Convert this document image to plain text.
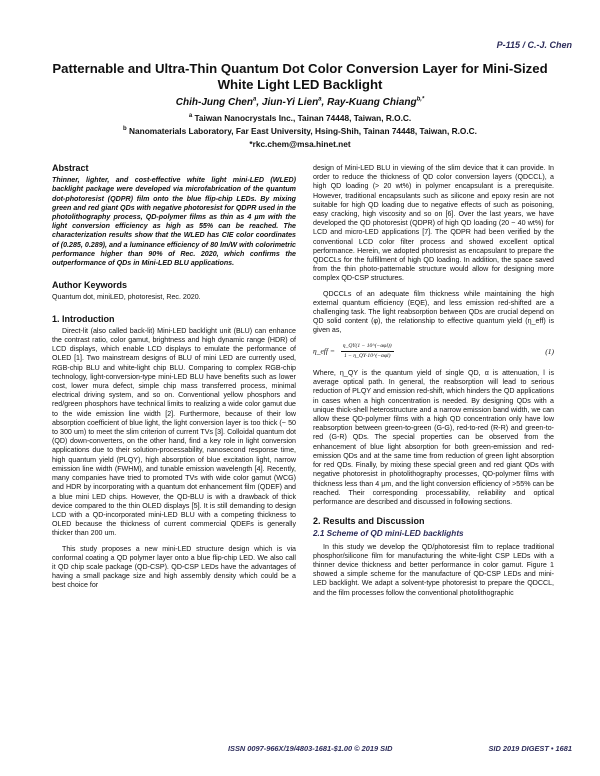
P-115 / C.-J. Chen
Patternable and Ultra-Thin Quantum Dot Color Conversion Layer for Mini-Sized White Light LED Backlight
Chih-Jung Chen$^a$, Jiun-Yi Lien$^a$, Ray-Kuang Chiang$^{b,*}$
$^a$ Taiwan Nanocrystals Inc., Tainan 74448, Taiwan, R.O.C.
$^b$ Nanomaterials Laboratory, Far East University, Hsing-Shih, Tainan 74448, Taiwan, R.O.C.
*rkc.chem@msa.hinet.net
Abstract
Thinner, lighter, and cost-effective white light mini-LED (WLED) backlight package were developed via microfabrication of the quantum dot-photoresist (QDPR) film onto the blue flip-chip LEDs. By mixing green and red giant QDs with negative photoresist for QDPR used in the photolithography process, QD-polymer films as thin as 4 µm with the light conversion efficiency as high as 55% can be reached. The characterization results show that the WLED has CIE color coordinates of (0.285, 0.289), and a luminance efficiency of 80 lm/W with colorimetric performance higher than 90% of Rec. 2020, which confirms the outperformance of QDs in Mini-LED BLU applications.
Author Keywords
Quantum dot, miniLED, photoresist, Rec. 2020.
1. Introduction
Direct-lit (also called back-lit) Mini-LED backlight unit (BLU) can enhance the contrast ratio, color gamut, brightness and high dynamic range (HDR) of LCD displays, which enable LCD displays to emulate the performance of OLED [1]. Two mainstream designs of BLU of mini LED are currently used, RGB-chip BLU and white-light chip BLU. Comparing to complex RGB-chip technology, light-conversion-type mini-LED BLU have benefits such as lower cost, lower mura defect, simple chip mass transferred process, minimal electrical driving system, and so on. Conventional yellow phosphors and red/green phosphors have technical limits to realizing a wide color gamut due to the wide emission line width [2]. Furthermore, because of their low absorption coefficient of blue light, the light conversion layer is too thick (~ 50 to 300 um) to meet the slim criterion of current TVs [3]. Colloidal quantum dot (QD) down-converters, on the other hand, find a key role in light conversion applications due to their solution-processability, nanosecond response time, high quantum yield (PLQY), high absorption of blue excitation light, narrow emission line width (FWHM), and tunable emission wavelength [4]. Recently, many companies have tried to promoted TVs with wide color gamut (WCG) and HDR by incorporating with a quantum dot enhancement film (QDEF) and a blue mini LED chips. However, the QD-BLU is with a drawback of thick device compared to the thin OLED displays [5]. It is still demanding to design LCD with a QD-incorporated mini-LED BLU with a competing thickness to OLED because the thickness of current commercial QDEFs is generally thicker than 200 um.
This study proposes a new mini-LED structure design which is via conformal coating a QD polymer layer onto a blue flip-chip LED. We also call it QD chip scale package (QD-CSP). QD-CSP LEDs have the advantages of having a small package size and high assembly density which could be a best choice for
design of Mini-LED BLU in viewing of the slim device that it can provide. In order to reduce the thickness of QD color conversion layers (QDCCL), a high QD loading (> 20 wt%) in polymer encapsulant is a prerequisite. However, traditional encapsulants such as silicone and epoxy resin are not suitable for high QD loading due to negative effects of such as poisoning, easy cracking, high viscosity and so on [6]. Over the last years, we have developed the QD photoresist (QDPR) of high QD loading (20 ~ 40 wt%) for LCD and micro-LED applications [7]. The QDPR had been verified by the conventional LCD color filter process and showed excellent optical performance. Herein, we adopted photoresist as encapsulant to prepare the QDCCLs for the fulfillment of high QD loading. In addition, the space saved from the thin photo-patternable structure would allow for designing more complex QD-CSP structures.
QDCCLs of an adequate film thickness while maintaining the high external quantum efficiency (EQE), and less emission red-shifted are a challenging task. The light reabsorption between QDs are crucial depend on QD solid content (φ), the relationship to effective quantum yield (η_eff) is given as,
η_eff = $\frac{\text{η\_QY(1 − 10\textasciicircum{}(−αφl))}}{\text{1 − η\_QY·10\textasciicircum{}(−αφl)}}$	(1)
Where, η_QY is the quantum yield of single QD, α is attenuation, l is average optical path. In general, the reabsorption will lead to serious reduction of PLQY and emission red-shift, which hinders the QD applications in cases when a high concentration is needed. By designing QDs with a unique thick-shell heterostructure and a narrow emission band width, we can allow these QD-polymer films with a high QD concentration only have low reabsorption between green-to-green (G-G), red-to-red (R-R) and green-to-red (G-R) QDs. The special properties can be observed from the enhancement of blue light absorption for both green-emission and red-emission QDs and at the same time from reduction of green light absorption for red QDs. Finally, by mixing these special green and red giant QDs with negative photoresist in photolithography processes, QD-polymer films with thickness less than 4 µm, and the light conversion efficiency of >55% can be reached. Their corresponding processability, reliability and optical performance are described and discussed in following sections.
2. Results and Discussion
2.1 Scheme of QD mini-LED backlights
In this study we develop the QD/photoresist film to replace traditional phosphor/silicone film for manufacturing the white-light CSP LEDs with a thinner device thickness and better performance in color gamut. Figure 1 showed a simple scheme for the manufacture of QD-CSP LEDs and mini-LED backlight. We adapt a solvent-type photoresist to prepare the QDCCL, and the film processes follow the conventional photolithographic
ISSN 0097-966X/19/4803-1681-$1.00 © 2019 SID	SID 2019 DIGEST • 1681
